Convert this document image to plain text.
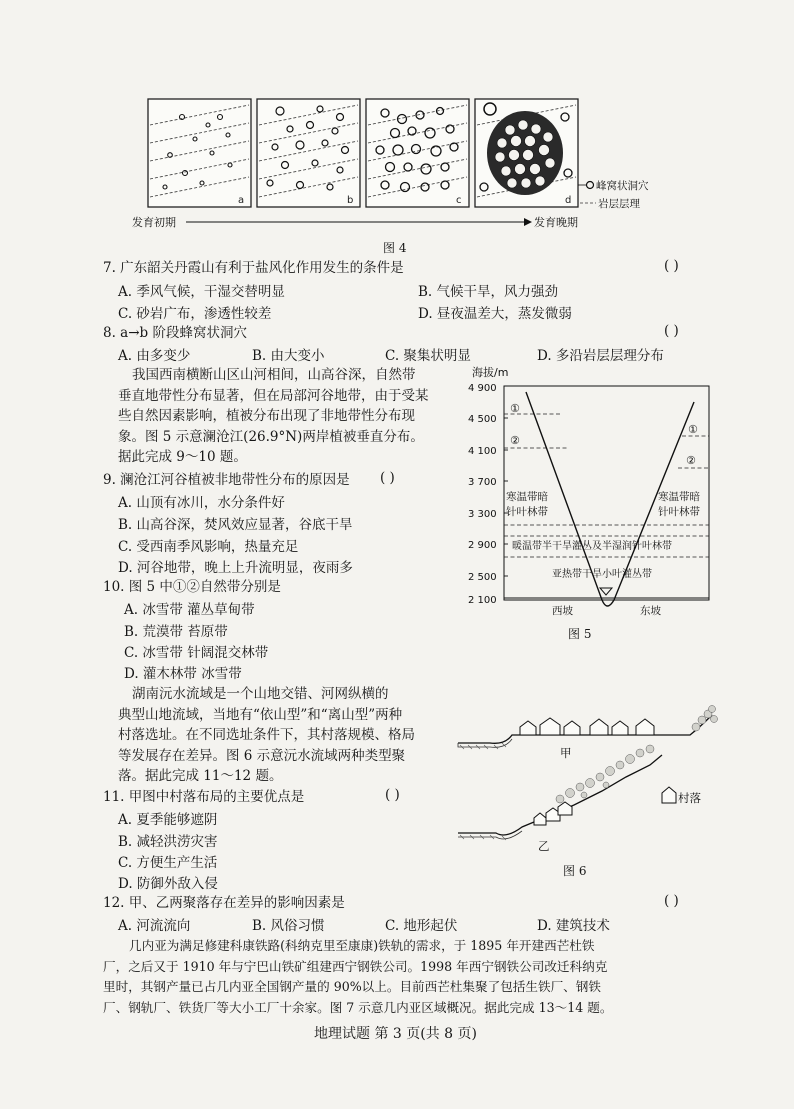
a	b	c	d
峰窝状洞穴
岩层层理
发育初期	发育晚期
图 4
7. 广东韶关丹霞山有利于盐风化作用发生的条件是	( )
A. 季风气候，干湿交替明显	B. 气候干旱，风力强劲
C. 砂岩广布，渗透性较差	D. 昼夜温差大，蒸发微弱
8. a→b 阶段蜂窝状洞穴	( )
A. 由多变少	B. 由大变小	C. 聚集状明显	D. 多沿岩层层理分布
我国西南横断山区山河相间，山高谷深，自然带
垂直地带性分布显著，但在局部河谷地带，由于受某
些自然因素影响，植被分布出现了非地带性分布现
象。图 5 示意澜沧江(26.9°N)两岸植被垂直分布。
据此完成 9～10 题。
海拔/m
4 900
4 500
4 100
3 700
3 300
2 900
2 500
2 100
①
②
①
②
寒温带暗
针叶林带
寒温带暗
针叶林带
暖温带半干旱灌丛及半湿润针叶林带
亚热带干旱小叶灌丛带
西坡	东坡
图 5
9. 澜沧江河谷植被非地带性分布的原因是 ( )
A. 山顶有冰川，水分条件好
B. 山高谷深，焚风效应显著，谷底干旱
C. 受西南季风影响，热量充足
D. 河谷地带，晚上上升流明显，夜雨多
10. 图 5 中①②自然带分别是
A. 冰雪带 灌丛草甸带
B. 荒漠带 苔原带
C. 冰雪带 针阔混交林带
D. 灌木林带 冰雪带
湖南沅水流域是一个山地交错、河网纵横的
典型山地流域，当地有“依山型”和“离山型”两种
村落选址。在不同选址条件下，其村落规模、格局
等发展存在差异。图 6 示意沅水流域两种类型聚
落。据此完成 11～12 题。
甲
乙
村落
图 6
11. 甲图中村落布局的主要优点是	( )
A. 夏季能够遮阴
B. 减轻洪涝灾害
C. 方便生产生活
D. 防御外敌入侵
12. 甲、乙两聚落存在差异的影响因素是	( )
A. 河流流向	B. 风俗习惯	C. 地形起伏	D. 建筑技术
几内亚为满足修建科康铁路(科纳克里至康康)铁轨的需求，于 1895 年开建西芒杜铁
厂，之后又于 1910 年与宁巴山铁矿组建西宁钢铁公司。1998 年西宁钢铁公司改迁科纳克
里时，其钢产量已占几内亚全国钢产量的 90%以上。目前西芒杜集聚了包括生铁厂、钢铁
厂、钢轨厂、铁货厂等大小工厂十余家。图 7 示意几内亚区域概况。据此完成 13～14 题。
地理试题 第 3 页(共 8 页)
